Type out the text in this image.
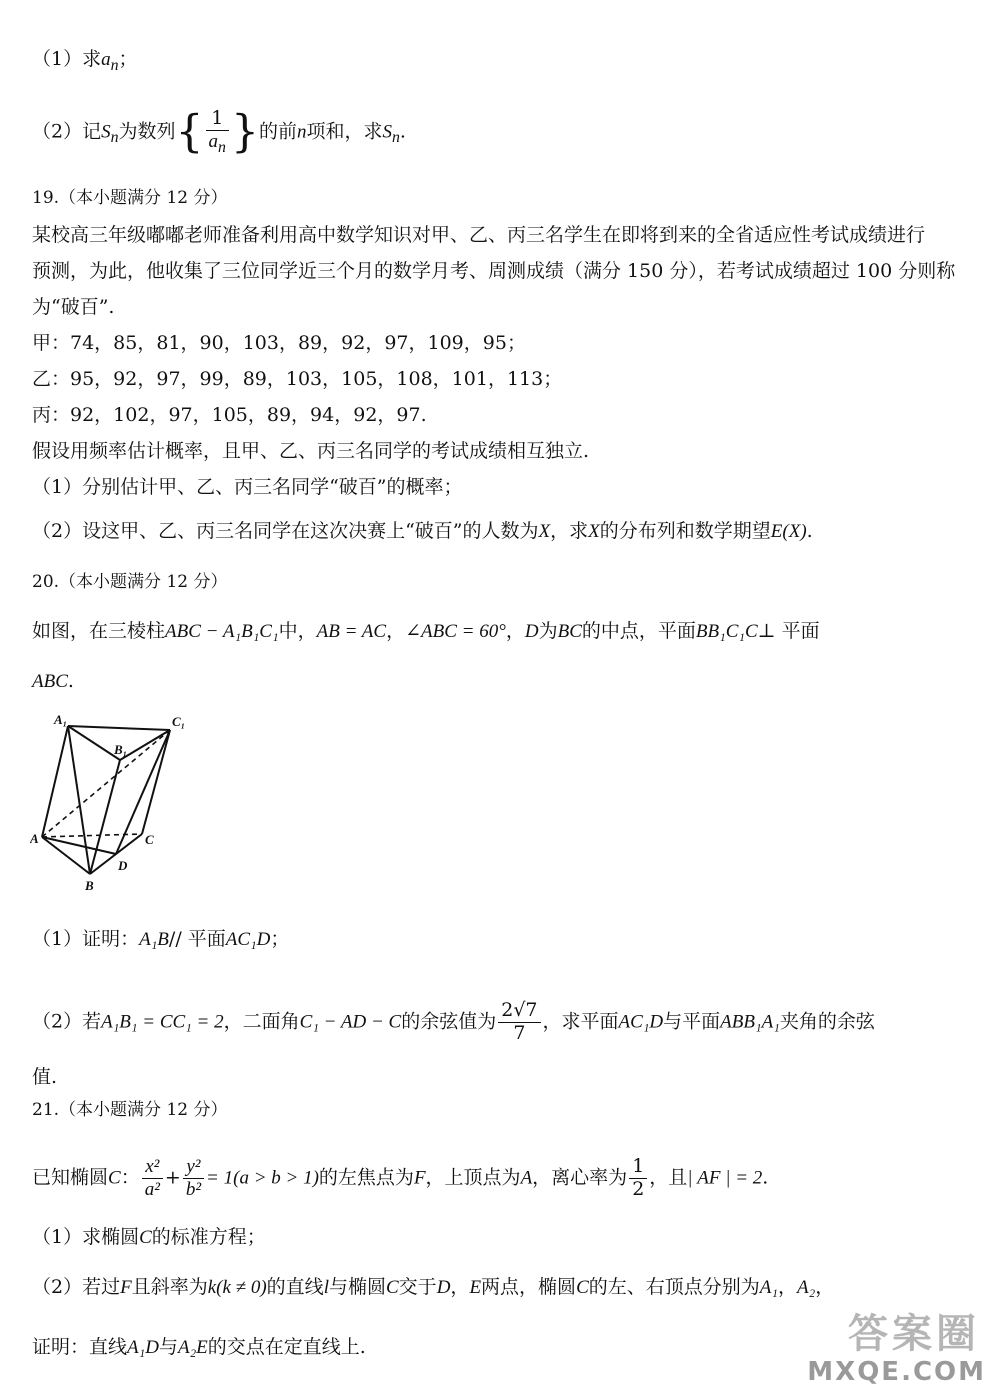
（1）求$a_n$；
（2）记$S_n$为数列{ $\frac{1}{a_n}$ }的前n项和，求$S_n$.
19.（本小题满分 12 分）
某校高三年级嘟嘟老师准备利用高中数学知识对甲、乙、丙三名学生在即将到来的全省适应性考试成绩进行
预测，为此，他收集了三位同学近三个月的数学月考、周测成绩（满分 150 分），若考试成绩超过 100 分则称
为“破百”.
甲：74，85，81，90，103，89，92，97，109，95；
乙：95，92，97，99，89，103，105，108，101，113；
丙：92，102，97，105，89，94，92，97.
假设用频率估计概率，且甲、乙、丙三名同学的考试成绩相互独立.
（1）分别估计甲、乙、丙三名同学“破百”的概率；
（2）设这甲、乙、丙三名同学在这次决赛上“破百”的人数为X，求X的分布列和数学期望E(X).
20.（本小题满分 12 分）
如图，在三棱柱ABC − A₁B₁C₁中，AB = AC，∠ABC = 60°，D为BC的中点，平面BB₁C₁C⊥ 平面
ABC.
A₁	C₁
B₁
A	C
B
D
（1）证明：A₁B// 平面AC₁D；
（2）若A₁B₁ = CC₁ = 2，二面角C₁ − AD − C的余弦值为 $\frac{2√7}{7}$ ，求平面AC₁D与平面ABB₁A₁夹角的余弦
值.
21.（本小题满分 12 分）
已知椭圆C： $\frac{\text{x²}}{\text{a²}} + \frac{\text{y²}}{\text{b²}} = 1(a > b > 1)$的左焦点为F，上顶点为A，离心率为 $\frac{1}{2}$ ，且| AF | = 2.
（1）求椭圆C的标准方程；
（2）若过F且斜率为k(k ≠ 0)的直线l与椭圆C交于D，E两点，椭圆C的左、右顶点分别为A₁，A₂，
证明：直线A₁D与A₂E的交点在定直线上.	答案圈
MXQE.COM
